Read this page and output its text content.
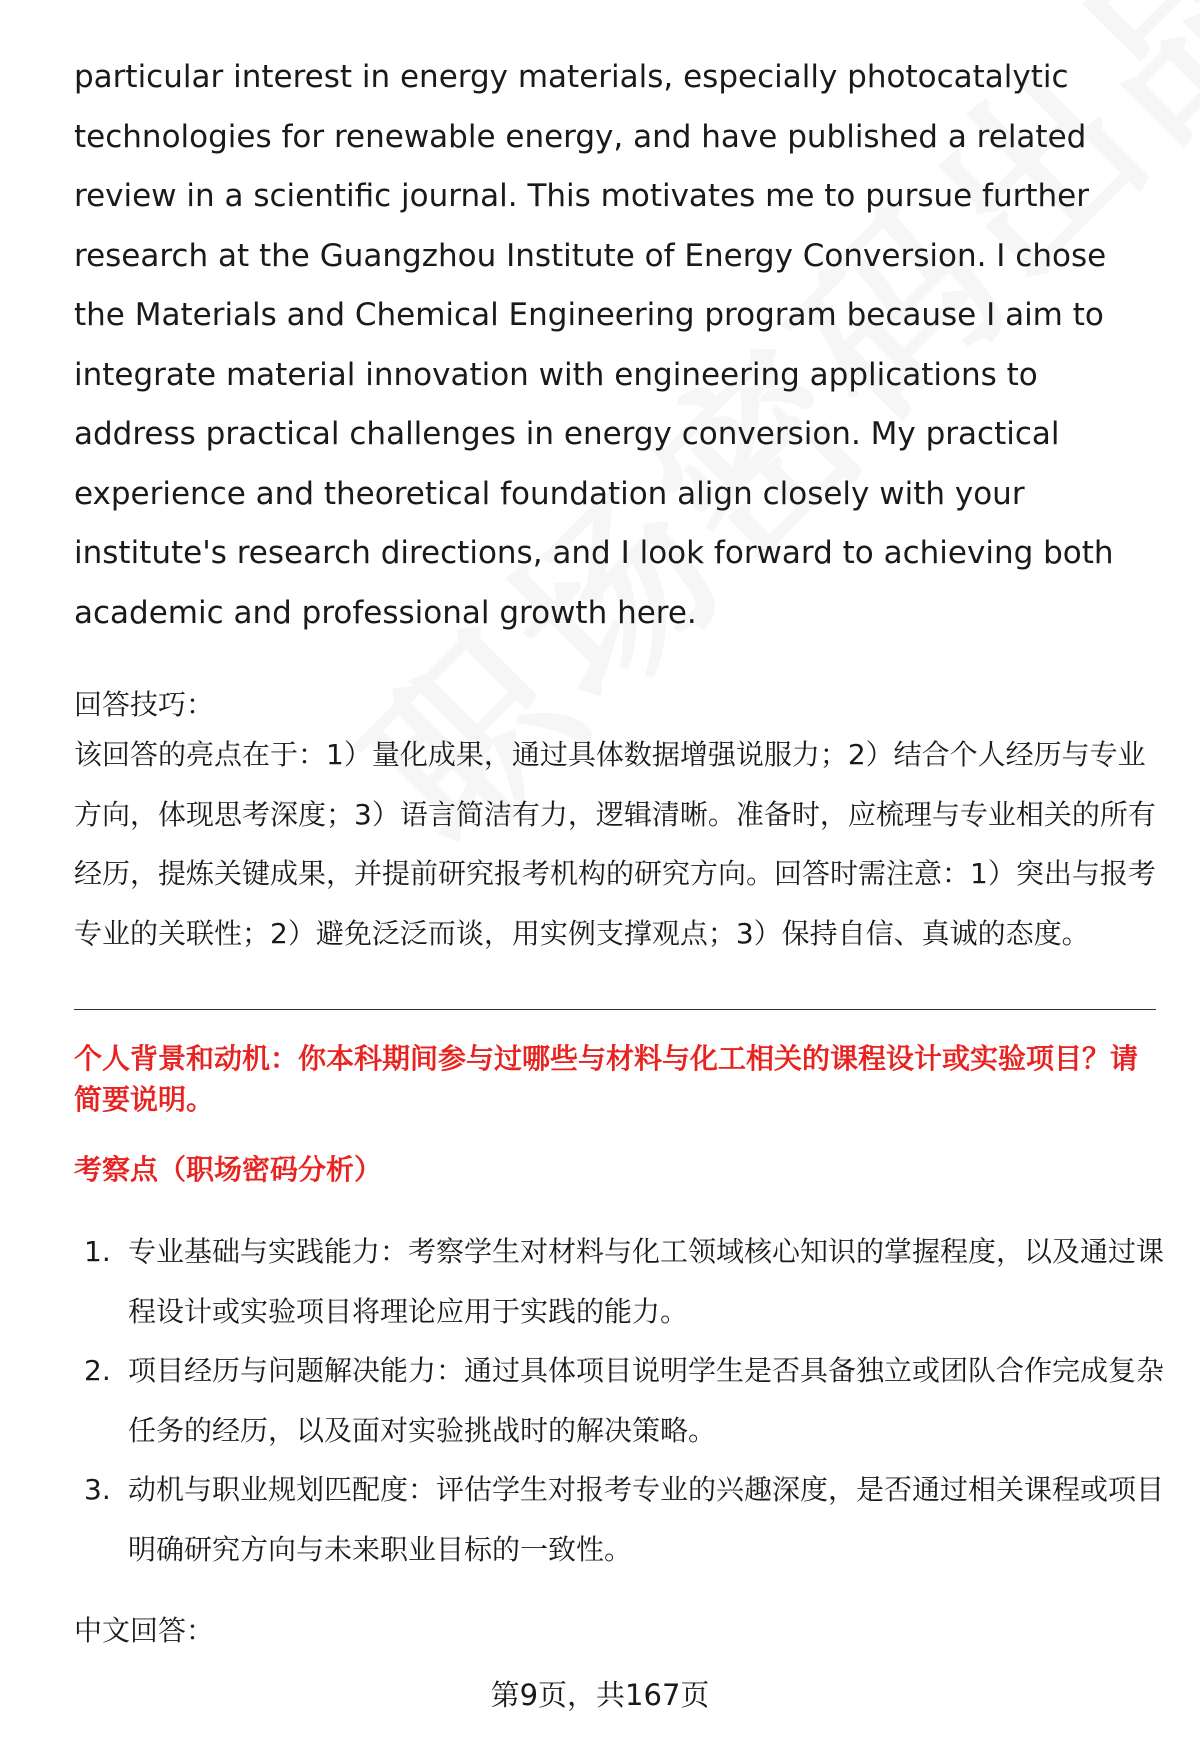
particular interest in energy materials, especially photocatalytic technologies for renewable energy, and have published a related review in a scientific journal. This motivates me to pursue further research at the Guangzhou Institute of Energy Conversion. I chose the Materials and Chemical Engineering program because I aim to integrate material innovation with engineering applications to address practical challenges in energy conversion. My practical experience and theoretical foundation align closely with your institute's research directions, and I look forward to achieving both academic and professional growth here.

回答技巧：

该回答的亮点在于：1）量化成果，通过具体数据增强说服力；2）结合个人经历与专业方向，体现思考深度；3）语言简洁有力，逻辑清晰。准备时，应梳理与专业相关的所有经历，提炼关键成果，并提前研究报考机构的研究方向。回答时需注意：1）突出与报考专业的关联性；2）避免泛泛而谈，用实例支撑观点；3）保持自信、真诚的态度。

个人背景和动机：你本科期间参与过哪些与材料与化工相关的课程设计或实验项目？请简要说明。

考察点（职场密码分析）

1. 专业基础与实践能力：考察学生对材料与化工领域核心知识的掌握程度，以及通过课程设计或实验项目将理论应用于实践的能力。
2. 项目经历与问题解决能力：通过具体项目说明学生是否具备独立或团队合作完成复杂任务的经历，以及面对实验挑战时的解决策略。
3. 动机与职业规划匹配度：评估学生对报考专业的兴趣深度，是否通过相关课程或项目明确研究方向与未来职业目标的一致性。

中文回答：

第9页，共167页
